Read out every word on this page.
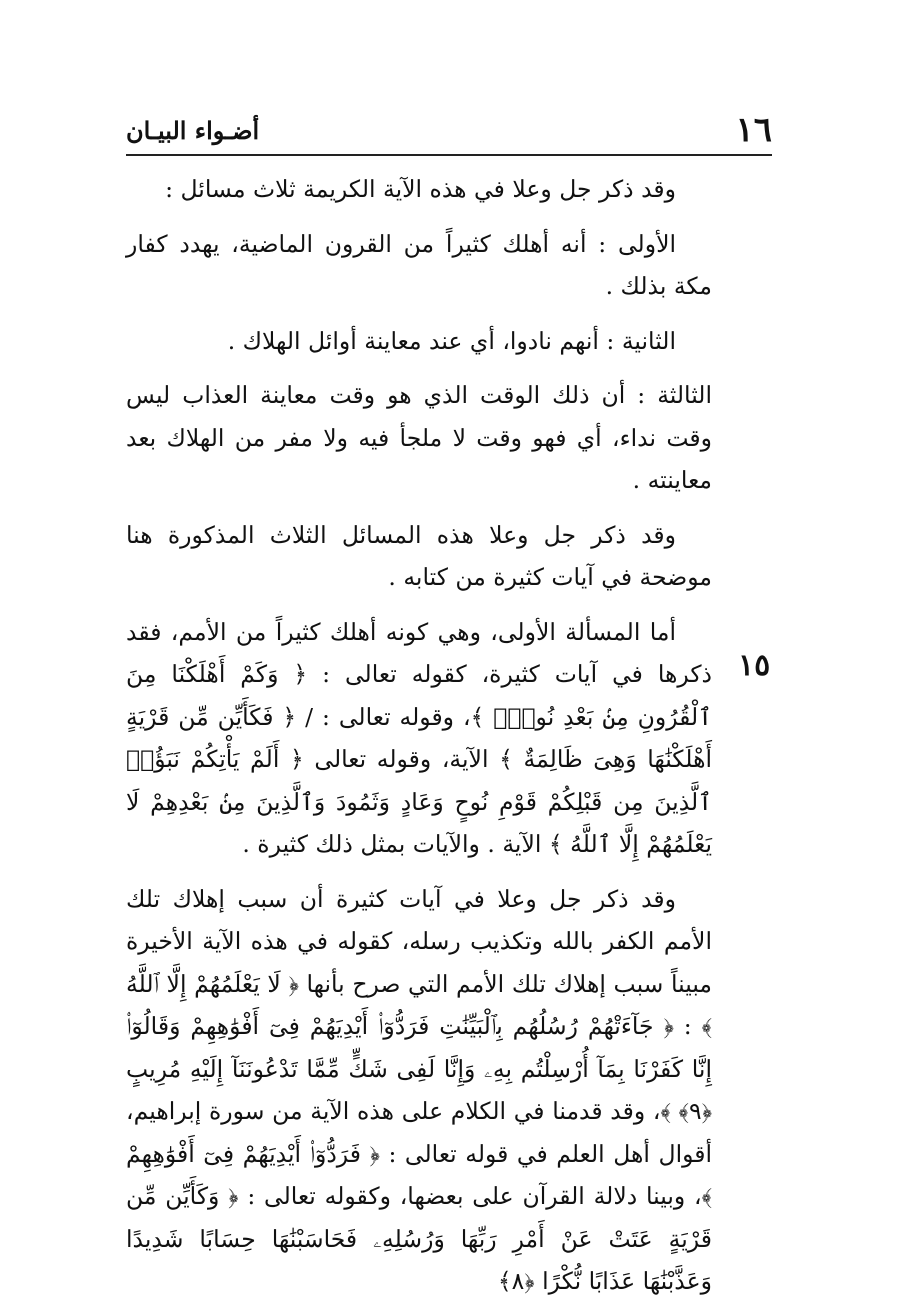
١٦
أضـواء البيـان
١٥

وقد ذكر جل وعلا في هذه الآية الكريمة ثلاث مسائل :

الأولى : أنه أهلك كثيراً من القرون الماضية، يهدد كفار مكة بذلك .

الثانية : أنهم نادوا، أي عند معاينة أوائل الهلاك .

الثالثة : أن ذلك الوقت الذي هو وقت معاينة العذاب ليس وقت نداء، أي فهو وقت لا ملجأ فيه ولا مفر من الهلاك بعد معاينته .

وقد ذكر جل وعلا هذه المسائل الثلاث المذكورة هنا موضحة في آيات كثيرة من كتابه .

أما المسألة الأولى، وهي كونه أهلك كثيراً من الأمم، فقد ذكرها في آيات كثيرة، كقوله تعالى : ﴿ وَكَمْ أَهْلَكْنَا مِنَ ٱلْقُرُونِ مِنۢ بَعْدِ نُوحٍۗ ﴾، وقوله تعالى : / ﴿ فَكَأَيِّن مِّن قَرْيَةٍ أَهْلَكْنَٰهَا وَهِىَ ظَالِمَةٌ ﴾ الآية، وقوله تعالى ﴿ أَلَمْ يَأْتِكُمْ نَبَؤُا۟ ٱلَّذِينَ مِن قَبْلِكُمْ قَوْمِ نُوحٍ وَعَادٍ وَثَمُودَ وَٱلَّذِينَ مِنۢ بَعْدِهِمْ لَا يَعْلَمُهُمْ إِلَّا ٱللَّهُ ﴾ الآية . والآيات بمثل ذلك كثيرة .

وقد ذكر جل وعلا في آيات كثيرة أن سبب إهلاك تلك الأمم الكفر بالله وتكذيب رسله، كقوله في هذه الآية الأخيرة مبيناً سبب إهلاك تلك الأمم التي صرح بأنها ﴿ لَا يَعْلَمُهُمْ إِلَّا ٱللَّهُ ﴾ : ﴿ جَآءَتْهُمْ رُسُلُهُم بِٱلْبَيِّنَٰتِ فَرَدُّوٓا۟ أَيْدِيَهُمْ فِىٓ أَفْوَٰهِهِمْ وَقَالُوٓا۟ إِنَّا كَفَرْنَا بِمَآ أُرْسِلْتُم بِهِۦ وَإِنَّا لَفِى شَكٍّ مِّمَّا تَدْعُونَنَآ إِلَيْهِ مُرِيبٍ ﴿٩﴾ ﴾، وقد قدمنا في الكلام على هذه الآية من سورة إبراهيم، أقوال أهل العلم في قوله تعالى : ﴿ فَرَدُّوٓا۟ أَيْدِيَهُمْ فِىٓ أَفْوَٰهِهِمْ ﴾، وبينا دلالة القرآن على بعضها، وكقوله تعالى : ﴿ وَكَأَيِّن مِّن قَرْيَةٍ عَتَتْ عَنْ أَمْرِ رَبِّهَا وَرُسُلِهِۦ فَحَاسَبْنَٰهَا حِسَابًا شَدِيدًا وَعَذَّبْنَٰهَا عَذَابًا نُّكْرًا ﴿٨﴾
